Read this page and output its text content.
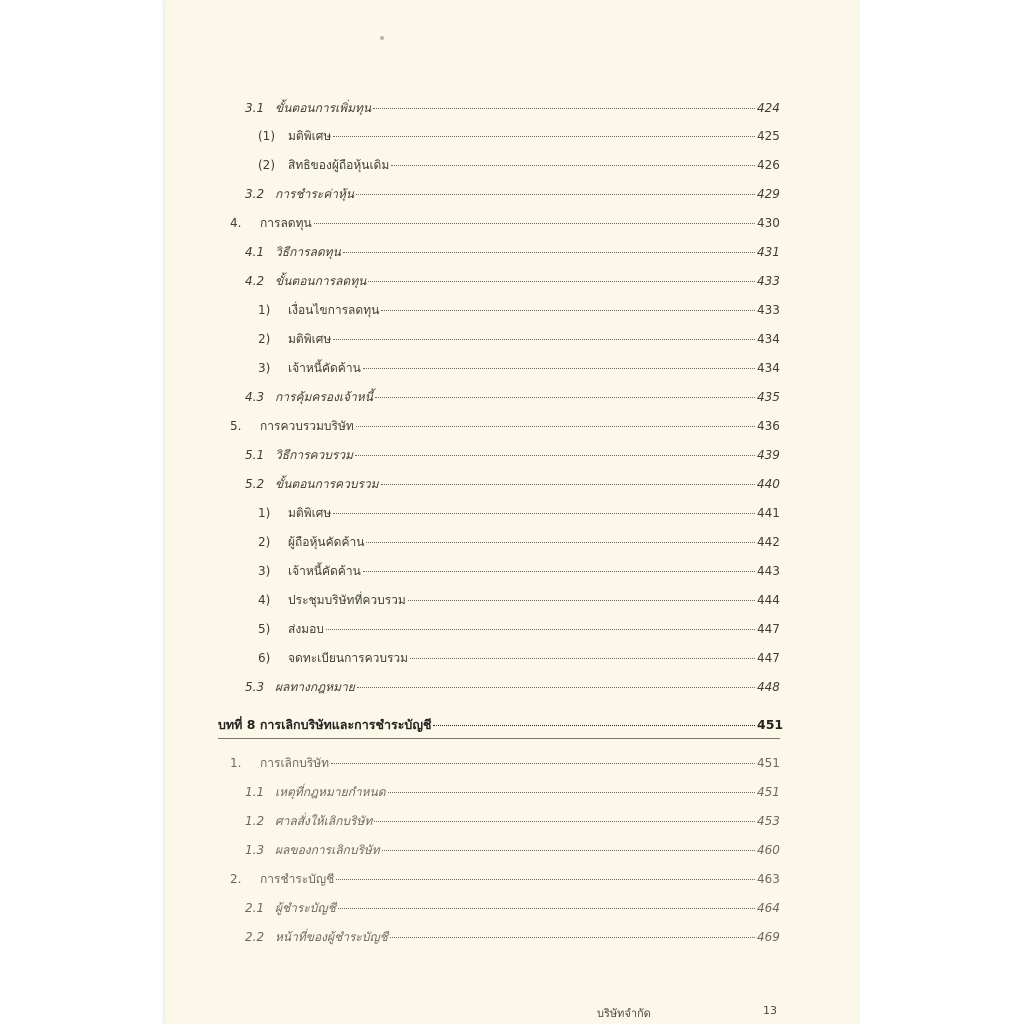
3.1 ขั้นตอนการเพิ่มทุน	424
(1)	มติพิเศษ	425
(2)	สิทธิของผู้ถือหุ้นเดิม	426
3.2 การชำระค่าหุ้น	429
4.	การลดทุน	430
4.1 วิธีการลดทุน	431
4.2 ขั้นตอนการลดทุน	433
1)	เงื่อนไขการลดทุน	433
2)	มติพิเศษ	434
3)	เจ้าหนี้คัดค้าน	434
4.3 การคุ้มครองเจ้าหนี้	435
5.	การควบรวมบริษัท	436
5.1 วิธีการควบรวม	439
5.2 ขั้นตอนการควบรวม	440
1)	มติพิเศษ	441
2)	ผู้ถือหุ้นคัดค้าน	442
3)	เจ้าหนี้คัดค้าน	443
4)	ประชุมบริษัทที่ควบรวม	444
5)	ส่งมอบ	447
6)	จดทะเบียนการควบรวม	447
5.3 ผลทางกฎหมาย	448
บทที่ 8 การเลิกบริษัทและการชำระบัญชี	451
1.	การเลิกบริษัท	451
1.1 เหตุที่กฎหมายกำหนด	451
1.2 ศาลสั่งให้เลิกบริษัท	453
1.3 ผลของการเลิกบริษัท	460
2.	การชำระบัญชี	463
2.1 ผู้ชำระบัญชี	464
2.2 หน้าที่ของผู้ชำระบัญชี	469
บริษัทจำกัด	13
